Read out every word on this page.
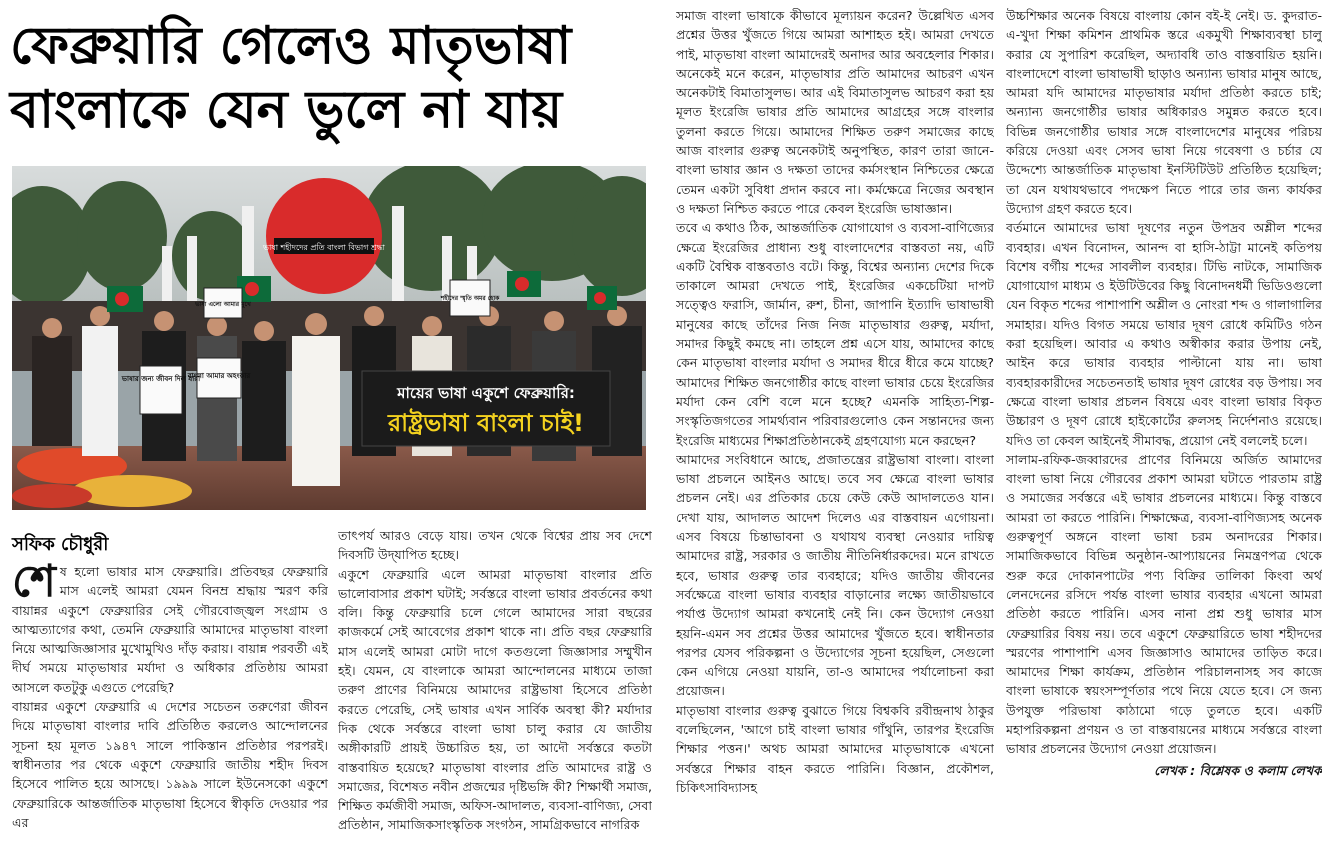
ফেব্রুয়ারি গেলেও মাতৃভাষা
বাংলাকে যেন ভুলে না যায়
ভাষা শহীদদের প্রতি বাংলা বিভাগ শ্রদ্ধা
ভাষার জন্য জীবন দিল যারা
বাংলা আমার অহংকার
ভাষা এলো আমার মুখে
শহীদের স্মৃতি অমর হোক
মায়ের ভাষা একুশে ফেব্রুয়ারি:
রাষ্ট্রভাষা বাংলা চাই!

সফিক চৌধুরী

শেষ হলো ভাষার মাস ফেব্রুয়ারি। প্রতিবছর ফেব্রুয়ারি মাস এলেই আমরা যেমন বিনম্র শ্রদ্ধায় স্মরণ করি বায়ান্নর একুশে ফেব্রুয়ারির সেই গৌরবোজ্জ্বল সংগ্রাম ও আত্মত্যাগের কথা, তেমনি ফেব্রুয়ারি আমাদের মাতৃভাষা বাংলা নিয়ে আত্মজিজ্ঞাসার মুখোমুখিও দাঁড় করায়। বায়ান্ন পরবর্তী এই দীর্ঘ সময়ে মাতৃভাষার মর্যাদা ও অধিকার প্রতিষ্ঠায় আমরা আসলে কতটুকু এগুতে পেরেছি?

বায়ান্নর একুশে ফেব্রুয়ারি এ দেশের সচেতন তরুণেরা জীবন দিয়ে মাতৃভাষা বাংলার দাবি প্রতিষ্ঠিত করলেও আন্দোলনের সূচনা হয় মূলত ১৯৪৭ সালে পাকিস্তান প্রতিষ্ঠার পরপরই। স্বাধীনতার পর থেকে একুশে ফেব্রুয়ারি জাতীয় শহীদ দিবস হিসেবে পালিত হয়ে আসছে। ১৯৯৯ সালে ইউনেসকো একুশে ফেব্রুয়ারিকে আন্তর্জাতিক মাতৃভাষা হিসেবে স্বীকৃতি দেওয়ার পর এর

তাৎপর্য আরও বেড়ে যায়। তখন থেকে বিশ্বের প্রায় সব দেশে দিবসটি উদ্‌যাপিত হচ্ছে।

একুশে ফেব্রুয়ারি এলে আমরা মাতৃভাষা বাংলার প্রতি ভালোবাসার প্রকাশ ঘটাই; সর্বস্তরে বাংলা ভাষার প্রবর্তনের কথা বলি। কিন্তু ফেব্রুয়ারি চলে গেলে আমাদের সারা বছরের কাজকর্মে সেই আবেগের প্রকাশ থাকে না। প্রতি বছর ফেব্রুয়ারি মাস এলেই আমরা মোটা দাগে কতগুলো জিজ্ঞাসার সম্মুখীন হই। যেমন, যে বাংলাকে আমরা আন্দোলনের মাধ্যমে তাজা তরুণ প্রাণের বিনিময়ে আমাদের রাষ্ট্রভাষা হিসেবে প্রতিষ্ঠা করতে পেরেছি, সেই ভাষার এখন সার্বিক অবস্থা কী? মর্যাদার দিক থেকে সর্বস্তরে বাংলা ভাষা চালু করার যে জাতীয় অঙ্গীকারটি প্রায়ই উচ্চারিত হয়, তা আদৌ সর্বস্তরে কতটা বাস্তবায়িত হয়েছে? মাতৃভাষা বাংলার প্রতি আমাদের রাষ্ট্র ও সমাজের, বিশেষত নবীন প্রজন্মের দৃষ্টিভঙ্গি কী? শিক্ষার্থী সমাজ, শিক্ষিত কর্মজীবী সমাজ, অফিস-আদালত, ব্যবসা-বাণিজ্য, সেবা প্রতিষ্ঠান, সামাজিকসাংস্কৃতিক সংগঠন, সামগ্রিকভাবে নাগরিক

সমাজ বাংলা ভাষাকে কীভাবে মূল্যায়ন করেন? উল্লেখিত এসব প্রশ্নের উত্তর খুঁজতে গিয়ে আমরা আশাহত হই। আমরা দেখতে পাই, মাতৃভাষা বাংলা আমাদেরই অনাদর আর অবহেলার শিকার। অনেকেই মনে করেন, মাতৃভাষার প্রতি আমাদের আচরণ এখন অনেকটাই বিমাতাসুলভ। আর এই বিমাতাসুলভ আচরণ করা হয় মূলত ইংরেজি ভাষার প্রতি আমাদের আগ্রহের সঙ্গে বাংলার তুলনা করতে গিয়ে। আমাদের শিক্ষিত তরুণ সমাজের কাছে আজ বাংলার গুরুত্ব অনেকটাই অনুপস্থিত, কারণ তারা জানে- বাংলা ভাষার জ্ঞান ও দক্ষতা তাদের কর্মসংস্থান নিশ্চিতের ক্ষেত্রে তেমন একটা সুবিধা প্রদান করবে না। কর্মক্ষেত্রে নিজের অবস্থান ও দক্ষতা নিশ্চিত করতে পারে কেবল ইংরেজি ভাষাজ্ঞান।

তবে এ কথাও ঠিক, আন্তর্জাতিক যোগাযোগ ও ব্যবসা-বাণিজ্যের ক্ষেত্রে ইংরেজির প্রাধান্য শুধু বাংলাদেশের বাস্তবতা নয়, এটি একটি বৈশ্বিক বাস্তবতাও বটে। কিন্তু, বিশ্বের অন্যান্য দেশের দিকে তাকালে আমরা দেখতে পাই, ইংরেজির একচেটিয়া দাপট সত্ত্বেও ফরাসি, জার্মান, রুশ, চীনা, জাপানি ইত্যাদি ভাষাভাষী মানুষের কাছে তাঁদের নিজ নিজ মাতৃভাষার গুরুত্ব, মর্যাদা, সমাদর কিছুই কমছে না। তাহলে প্রশ্ন এসে যায়, আমাদের কাছে কেন মাতৃভাষা বাংলার মর্যাদা ও সমাদর ধীরে ধীরে কমে যাচ্ছে? আমাদের শিক্ষিত জনগোষ্ঠীর কাছে বাংলা ভাষার চেয়ে ইংরেজির মর্যাদা কেন বেশি বলে মনে হচ্ছে? এমনকি সাহিত্য-শিল্প-সংস্কৃতিজগতের সামর্থ্যবান পরিবারগুলোও কেন সন্তানদের জন্য ইংরেজি মাধ্যমের শিক্ষাপ্রতিষ্ঠানকেই গ্রহণযোগ্য মনে করছেন?

আমাদের সংবিধানে আছে, প্রজাতন্ত্রের রাষ্ট্রভাষা বাংলা। বাংলা ভাষা প্রচলনে আইনও আছে। তবে সব ক্ষেত্রে বাংলা ভাষার প্রচলন নেই। এর প্রতিকার চেয়ে কেউ কেউ আদালতেও যান। দেখা যায়, আদালত আদেশ দিলেও এর বাস্তবায়ন এগোয়না। এসব বিষয়ে চিন্তাভাবনা ও যথাযথ ব্যবস্থা নেওয়ার দায়িত্ব আমাদের রাষ্ট্র, সরকার ও জাতীয় নীতিনির্ধারকদের। মনে রাখতে হবে, ভাষার গুরুত্ব তার ব্যবহারে; যদিও জাতীয় জীবনের সর্বক্ষেত্রে বাংলা ভাষার ব্যবহার বাড়ানোর লক্ষ্যে জাতীয়ভাবে পর্যাপ্ত উদ্যোগ আমরা কখনোই নেই নি। কেন উদ্যোগ নেওয়া হয়নি-এমন সব প্রশ্নের উত্তর আমাদের খুঁজতে হবে। স্বাধীনতার পরপর যেসব পরিকল্পনা ও উদ্যোগের সূচনা হয়েছিল, সেগুলো কেন এগিয়ে নেওয়া যায়নি, তা-ও আমাদের পর্যালোচনা করা প্রয়োজন।

মাতৃভাষা বাংলার গুরুত্ব বুঝাতে গিয়ে বিশ্বকবি রবীন্দ্রনাথ ঠাকুর বলেছিলেন, 'আগে চাই বাংলা ভাষার গাঁথুনি, তারপর ইংরেজি শিক্ষার পত্তন।' অথচ আমরা আমাদের মাতৃভাষাকে এখনো সর্বস্তরে শিক্ষার বাহন করতে পারিনি। বিজ্ঞান, প্রকৌশল, চিকিৎসাবিদ্যাসহ

উচ্চশিক্ষার অনেক বিষয়ে বাংলায় কোন বই-ই নেই। ড. কুদরাত-এ-খুদা শিক্ষা কমিশন প্রাথমিক স্তরে একমুখী শিক্ষাব্যবস্থা চালু করার যে সুপারিশ করেছিল, অদ্যাবধি তাও বাস্তবায়িত হয়নি। বাংলাদেশে বাংলা ভাষাভাষী ছাড়াও অন্যান্য ভাষার মানুষ আছে, আমরা যদি আমাদের মাতৃভাষার মর্যাদা প্রতিষ্ঠা করতে চাই; অন্যান্য জনগোষ্ঠীর ভাষার অধিকারও সমুন্নত করতে হবে। বিভিন্ন জনগোষ্ঠীর ভাষার সঙ্গে বাংলাদেশের মানুষের পরিচয় করিয়ে দেওয়া এবং সেসব ভাষা নিয়ে গবেষণা ও চর্চার যে উদ্দেশ্যে আন্তর্জাতিক মাতৃভাষা ইনস্টিটিউট প্রতিষ্ঠিত হয়েছিল; তা যেন যথাযথভাবে পদক্ষেপ নিতে পারে তার জন্য কার্যকর উদ্যোগ গ্রহণ করতে হবে।

বর্তমানে আমাদের ভাষা দূষণের নতুন উপদ্রব অশ্লীল শব্দের ব্যবহার। এখন বিনোদন, আনন্দ বা হাসি-ঠাট্টা মানেই কতিপয় বিশেষ বর্গীয় শব্দের সাবলীল ব্যবহার। টিভি নাটকে, সামাজিক যোগাযোগ মাধ্যম ও ইউটিউবের কিছু বিনোদনধর্মী ভিডিওগুলো যেন বিকৃত শব্দের পাশাপাশি অশ্লীল ও নোংরা শব্দ ও গালাগালির সমাহার। যদিও বিগত সময়ে ভাষার দূষণ রোধে কমিটিও গঠন করা হয়েছিল। আবার এ কথাও অস্বীকার করার উপায় নেই, আইন করে ভাষার ব্যবহার পাল্টানো যায় না। ভাষা ব্যবহারকারীদের সচেতনতাই ভাষার দূষণ রোধের বড় উপায়। সব ক্ষেত্রে বাংলা ভাষার প্রচলন বিষয়ে এবং বাংলা ভাষার বিকৃত উচ্চারণ ও দূষণ রোধে হাইকোর্টের রুলসহ নির্দেশনাও রয়েছে। যদিও তা কেবল আইনেই সীমাবদ্ধ, প্রয়োগ নেই বললেই চলে।

সালাম-রফিক-জব্বারদের প্রাণের বিনিময়ে অর্জিত আমাদের বাংলা ভাষা নিয়ে গৌরবের প্রকাশ আমরা ঘটাতে পারতাম রাষ্ট্র ও সমাজের সর্বস্তরে এই ভাষার প্রচলনের মাধ্যমে। কিন্তু বাস্তবে আমরা তা করতে পারিনি। শিক্ষাক্ষেত্র, ব্যবসা-বাণিজ্যসহ অনেক গুরুত্বপূর্ণ অঙ্গনে বাংলা ভাষা চরম অনাদরের শিকার। সামাজিকভাবে বিভিন্ন অনুষ্ঠান-আপ্যায়নের নিমন্ত্রণপত্র থেকে শুরু করে দোকানপাটের পণ্য বিক্রির তালিকা কিংবা অর্থ লেনদেনের রসিদে পর্যন্ত বাংলা ভাষার ব্যবহার এখনো আমরা প্রতিষ্ঠা করতে পারিনি। এসব নানা প্রশ্ন শুধু ভাষার মাস ফেব্রুয়ারির বিষয় নয়। তবে একুশে ফেব্রুয়ারিতে ভাষা শহীদদের স্মরণের পাশাপাশি এসব জিজ্ঞাসাও আমাদের তাড়িত করে। আমাদের শিক্ষা কার্যক্রম, প্রতিষ্ঠান পরিচালনাসহ সব কাজে বাংলা ভাষাকে স্বয়ংসম্পূর্ণতার পথে নিয়ে যেতে হবে। সে জন্য উপযুক্ত পরিভাষা কাঠামো গড়ে তুলতে হবে। একটি মহাপরিকল্পনা প্রণয়ন ও তা বাস্তবায়নের মাধ্যমে সর্বস্তরে বাংলা ভাষার প্রচলনের উদ্যোগ নেওয়া প্রয়োজন।

লেখক : বিশ্লেষক ও কলাম লেখক
